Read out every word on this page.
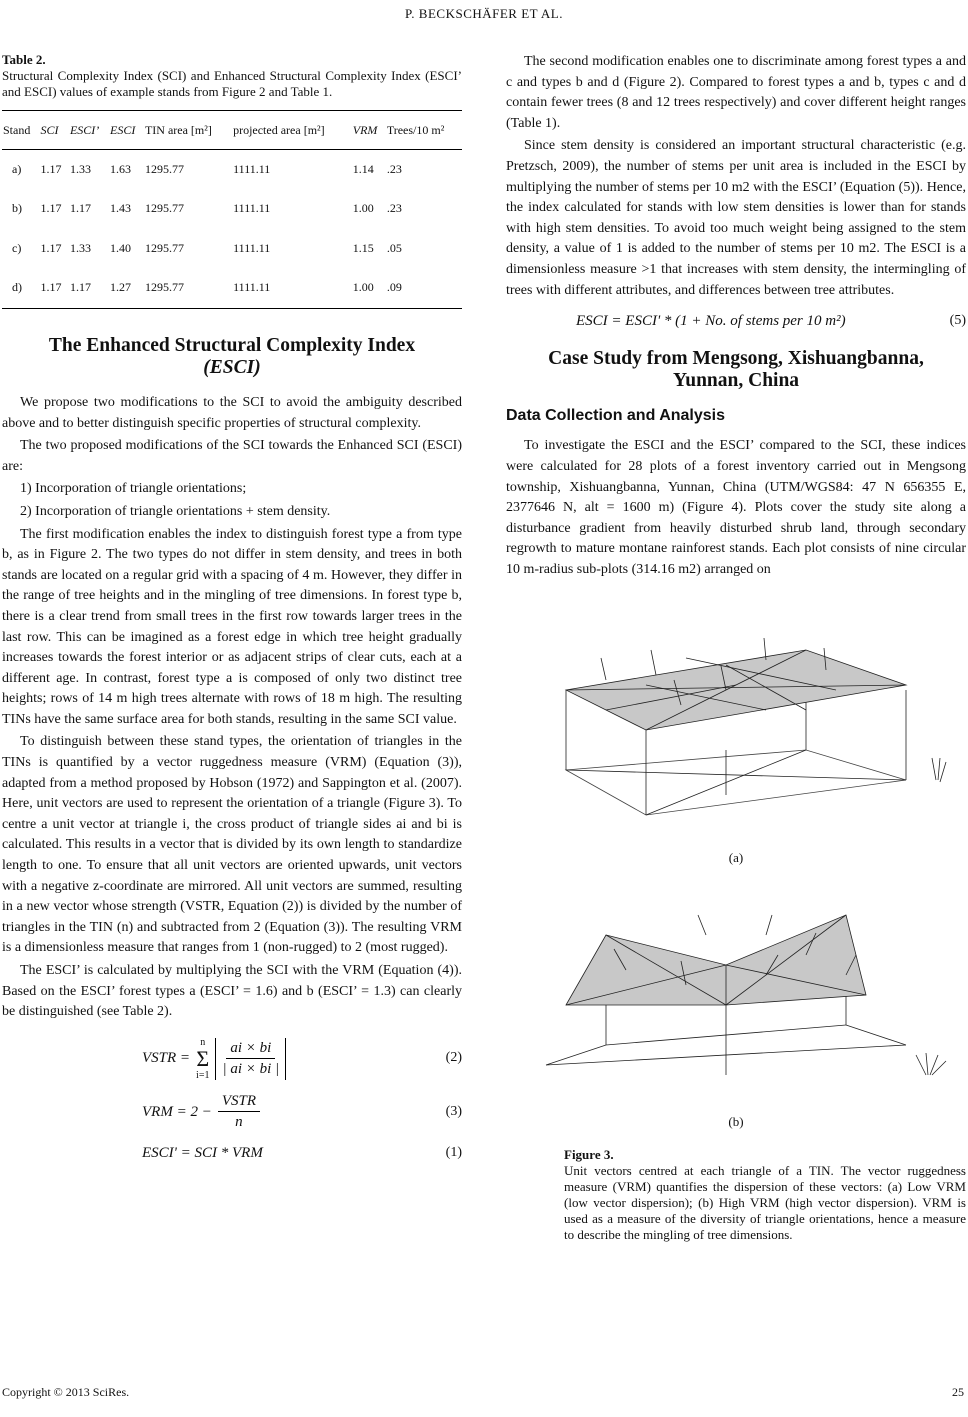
P. BECKSCHÄFER ET AL.
Table 2.
Structural Complexity Index (SCI) and Enhanced Structural Complexity Index (ESCI’ and ESCI) values of example stands from Figure 2 and Table 1.
Stand	SCI	ESCI’	ESCI	TIN area [m²]	projected area [m²]	VRM	Trees/10 m²
a)	1.17	1.33	1.63	1295.77	1111.11	1.14	.23
b)	1.17	1.17	1.43	1295.77	1111.11	1.00	.23
c)	1.17	1.33	1.40	1295.77	1111.11	1.15	.05
d)	1.17	1.17	1.27	1295.77	1111.11	1.00	.09
The Enhanced Structural Complexity Index
(ESCI)

We propose two modifications to the SCI to avoid the ambiguity described above and to better distinguish specific properties of structural complexity.

The two proposed modifications of the SCI towards the Enhanced SCI (ESCI) are:

1) Incorporation of triangle orientations;

2) Incorporation of triangle orientations + stem density.

The first modification enables the index to distinguish forest type a from type b, as in Figure 2. The two types do not differ in stem density, and trees in both stands are located on a regular grid with a spacing of 4 m. However, they differ in the range of tree heights and in the mingling of tree dimensions. In forest type b, there is a clear trend from small trees in the first row towards larger trees in the last row. This can be imagined as a forest edge in which tree height gradually increases towards the forest interior or as adjacent strips of clear cuts, each at a different age. In contrast, forest type a is composed of only two distinct tree heights; rows of 14 m high trees alternate with rows of 18 m high. The resulting TINs have the same surface area for both stands, resulting in the same SCI value.

To distinguish between these stand types, the orientation of triangles in the TINs is quantified by a vector ruggedness measure (VRM) (Equation (3)), adapted from a method proposed by Hobson (1972) and Sappington et al. (2007). Here, unit vectors are used to represent the orientation of a triangle (Figure 3). To centre a unit vector at triangle i, the cross product of triangle sides ai and bi is calculated. This results in a vector that is divided by its own length to standardize length to one. To ensure that all unit vectors are oriented upwards, unit vectors with a negative z-coordinate are mirrored. All unit vectors are summed, resulting in a new vector whose strength (VSTR, Equation (2)) is divided by the number of triangles in the TIN (n) and subtracted from 2 (Equation (3)). The resulting VRM is a dimensionless measure that ranges from 1 (non-rugged) to 2 (most rugged).

The ESCI’ is calculated by multiplying the SCI with the VRM (Equation (4)). Based on the ESCI’ forest types a (ESCI’ = 1.6) and b (ESCI’ = 1.3) can clearly be distinguished (see Table 2).

VSTR =
n
Σ
$i=1 \frac{ai \times bi}{| ai \times bi |}$	(2)
VRM = $2 - \frac{\text{VSTR}}{n}$	(3)
ESCI' = SCI * VRM	(1)

The second modification enables one to discriminate among forest types a and c and types b and d (Figure 2). Compared to forest types a and b, types c and d contain fewer trees (8 and 12 trees respectively) and cover different height ranges (Table 1).

Since stem density is considered an important structural characteristic (e.g. Pretzsch, 2009), the number of stems per unit area is included in the ESCI by multiplying the number of stems per 10 m2 with the ESCI’ (Equation (5)). Hence, the index calculated for stands with low stem densities is lower than for stands with high stem densities. To avoid too much weight being assigned to the stem density, a value of 1 is added to the number of stems per 10 m2. The ESCI is a dimensionless measure >1 that increases with stem density, the intermingling of trees with different attributes, and differences between tree attributes.

ESCI = ESCI' * (1 + No. of stems per 10 m²)	(5)
Case Study from Mengsong, Xishuangbanna,
Yunnan, China
Data Collection and Analysis

To investigate the ESCI and the ESCI’ compared to the SCI, these indices were calculated for 28 plots of a forest inventory carried out in Mengsong township, Xishuangbanna, Yunnan, China (UTM/WGS84: 47 N 656355 E, 2377646 N, alt = 1600 m) (Figure 4). Plots cover the study site along a disturbance gradient from heavily disturbed shrub land, through secondary regrowth to mature montane rainforest stands. Each plot consists of nine circular 10 m-radius sub-plots (314.16 m2) arranged on

(a)
(b)
Figure 3.
Unit vectors centred at each triangle of a TIN. The vector ruggedness measure (VRM) quantifies the dispersion of these vectors: (a) Low VRM (low vector dispersion); (b) High VRM (high vector dispersion). VRM is used as a measure of the diversity of triangle orientations, hence a measure to describe the mingling of tree dimensions.
Copyright © 2013 SciRes.	25
